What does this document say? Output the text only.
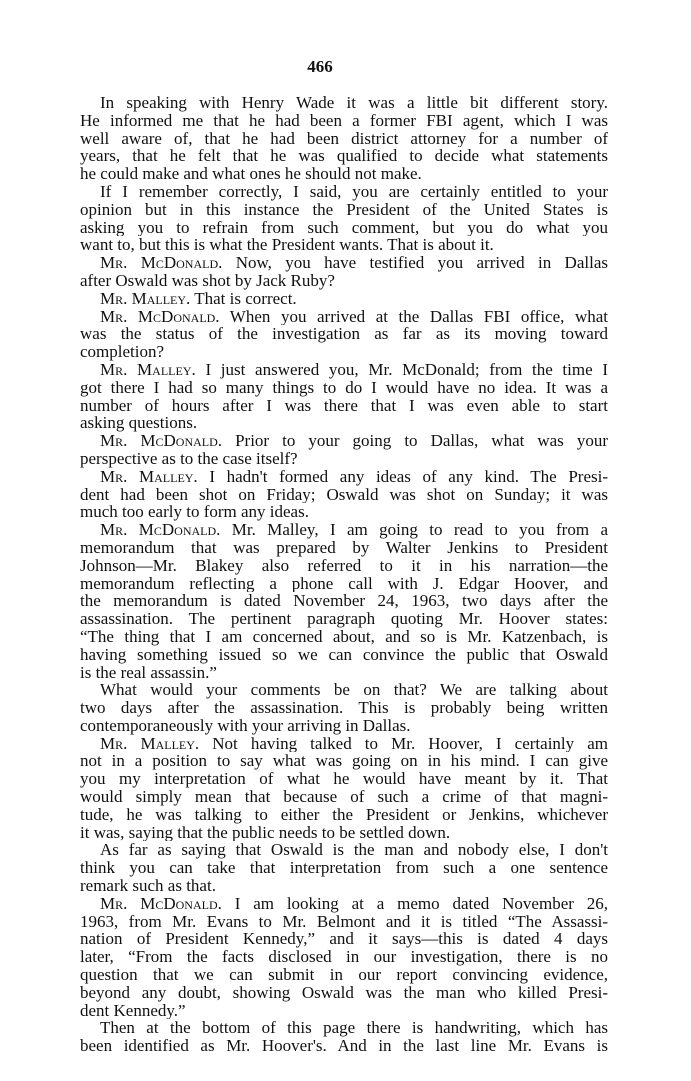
466
In speaking with Henry Wade it was a little bit different story.
He informed me that he had been a former FBI agent, which I was
well aware of, that he had been district attorney for a number of
years, that he felt that he was qualified to decide what statements
he could make and what ones he should not make.
If I remember correctly, I said, you are certainly entitled to your
opinion but in this instance the President of the United States is
asking you to refrain from such comment, but you do what you
want to, but this is what the President wants. That is about it.
Mr. McDonald. Now, you have testified you arrived in Dallas
after Oswald was shot by Jack Ruby?
Mr. Malley. That is correct.
Mr. McDonald. When you arrived at the Dallas FBI office, what
was the status of the investigation as far as its moving toward
completion?
Mr. Malley. I just answered you, Mr. McDonald; from the time I
got there I had so many things to do I would have no idea. It was a
number of hours after I was there that I was even able to start
asking questions.
Mr. McDonald. Prior to your going to Dallas, what was your
perspective as to the case itself?
Mr. Malley. I hadn't formed any ideas of any kind. The Presi-
dent had been shot on Friday; Oswald was shot on Sunday; it was
much too early to form any ideas.
Mr. McDonald. Mr. Malley, I am going to read to you from a
memorandum that was prepared by Walter Jenkins to President
Johnson—Mr. Blakey also referred to it in his narration—the
memorandum reflecting a phone call with J. Edgar Hoover, and
the memorandum is dated November 24, 1963, two days after the
assassination. The pertinent paragraph quoting Mr. Hoover states:
“The thing that I am concerned about, and so is Mr. Katzenbach, is
having something issued so we can convince the public that Oswald
is the real assassin.”
What would your comments be on that? We are talking about
two days after the assassination. This is probably being written
contemporaneously with your arriving in Dallas.
Mr. Malley. Not having talked to Mr. Hoover, I certainly am
not in a position to say what was going on in his mind. I can give
you my interpretation of what he would have meant by it. That
would simply mean that because of such a crime of that magni-
tude, he was talking to either the President or Jenkins, whichever
it was, saying that the public needs to be settled down.
As far as saying that Oswald is the man and nobody else, I don't
think you can take that interpretation from such a one sentence
remark such as that.
Mr. McDonald. I am looking at a memo dated November 26,
1963, from Mr. Evans to Mr. Belmont and it is titled “The Assassi-
nation of President Kennedy,” and it says—this is dated 4 days
later, “From the facts disclosed in our investigation, there is no
question that we can submit in our report convincing evidence,
beyond any doubt, showing Oswald was the man who killed Presi-
dent Kennedy.”
Then at the bottom of this page there is handwriting, which has
been identified as Mr. Hoover's. And in the last line Mr. Evans is
